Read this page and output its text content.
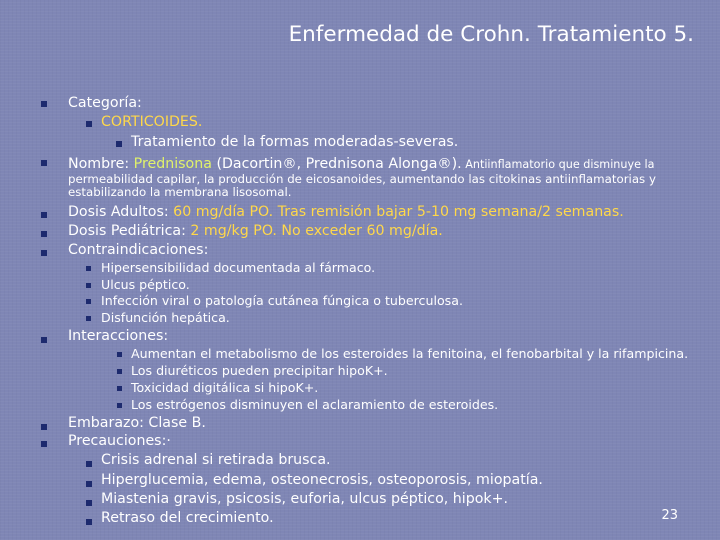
Enfermedad de Crohn. Tratamiento 5.
Categoría:
CORTICOIDES.
Tratamiento de la formas moderadas-severas.
Nombre: Prednisona (Dacortin®, Prednisona Alonga®). Antiinflamatorio que disminuye la
permeabilidad capilar, la producción de eicosanoides, aumentando las citokinas antiinflamatorias y
estabilizando la membrana lisosomal.
Dosis Adultos: 60 mg/día PO. Tras remisión bajar 5-10 mg semana/2 semanas.
Dosis Pediátrica: 2 mg/kg PO. No exceder 60 mg/día.
Contraindicaciones:
Hipersensibilidad documentada al fármaco.
Ulcus péptico.
Infección viral o patología cutánea fúngica o tuberculosa.
Disfunción hepática.
Interacciones:
Aumentan el metabolismo de los esteroides la fenitoina, el fenobarbital y la rifampicina.
Los diuréticos pueden precipitar hipoK+.
Toxicidad digitálica si hipoK+.
Los estrógenos disminuyen el aclaramiento de esteroides.
Embarazo: Clase B.
Precauciones:·
Crisis adrenal si retirada brusca.
Hiperglucemia, edema, osteonecrosis, osteoporosis, miopatía.
Miastenia gravis, psicosis, euforia, ulcus péptico, hipok+.
Retraso del crecimiento.	23
